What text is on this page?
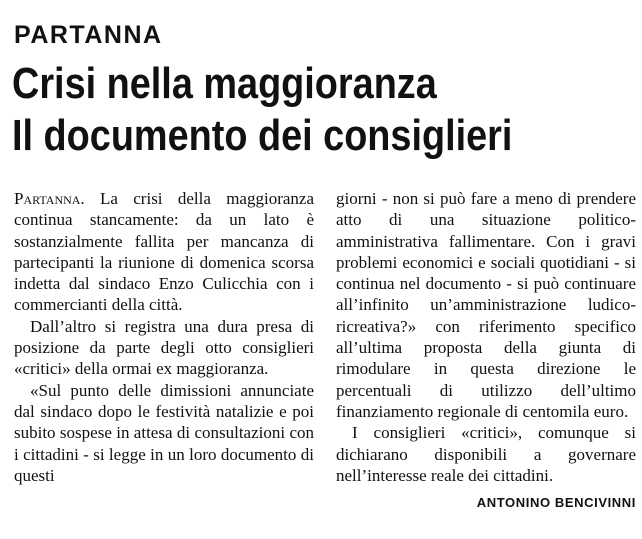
PARTANNA
Crisi nella maggioranza
Il documento dei consiglieri

Partanna. La crisi della maggioranza continua stancamente: da un lato è sostanzialmente fallita per mancanza di partecipanti la riunione di domenica scorsa indetta dal sindaco Enzo Culicchia con i commercianti della città.

Dall’altro si registra una dura presa di posizione da parte degli otto consiglieri «critici» della ormai ex maggioranza.

«Sul punto delle dimissioni annunciate dal sindaco dopo le festività natalizie e poi subito sospese in attesa di consultazioni con i cittadini - si legge in un loro documento di questi

giorni - non si può fare a meno di prendere atto di una situazione politico-amministrativa fallimentare. Con i gravi problemi economici e sociali quotidiani - si continua nel documento - si può continuare all’infinito un’amministrazione ludico-ricreativa?» con riferimento specifico all’ultima proposta della giunta di rimodulare in questa direzione le percentuali di utilizzo dell’ultimo finanziamento regionale di centomila euro.

I consiglieri «critici», comunque si dichiarano disponibili a governare nell’interesse reale dei cittadini.

ANTONINO BENCIVINNI
